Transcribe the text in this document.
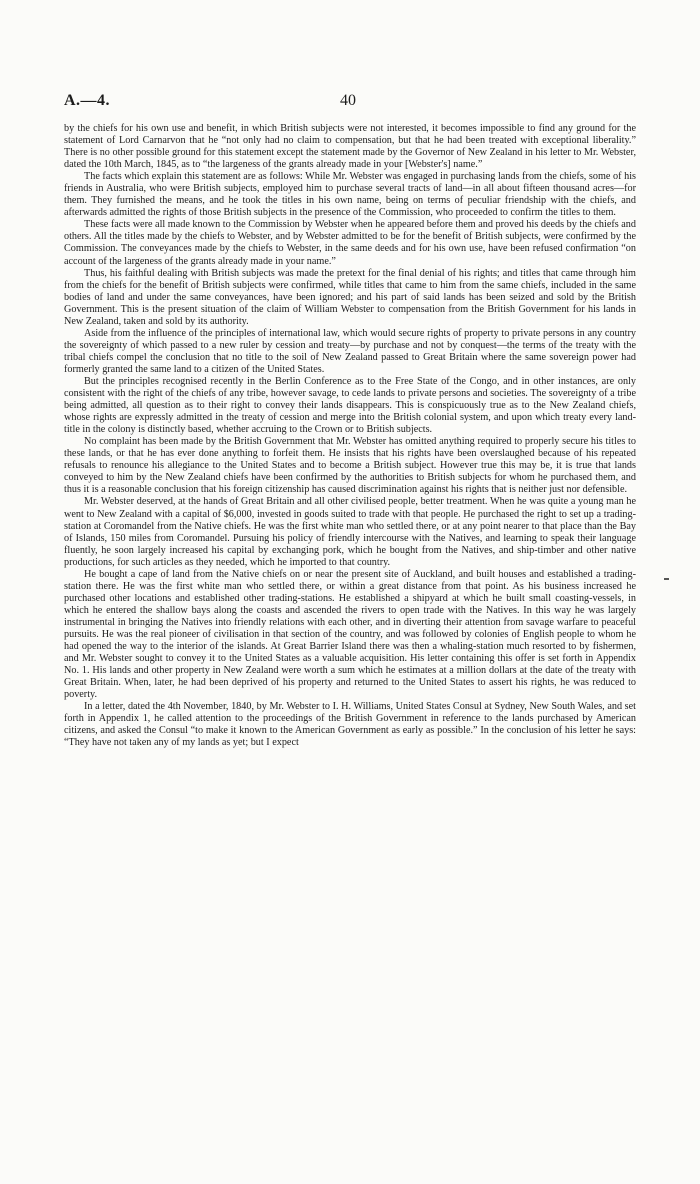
A.—4.	40

by the chiefs for his own use and benefit, in which British subjects were not interested, it becomes impossible to find any ground for the statement of Lord Carnarvon that he “not only had no claim to compensation, but that he had been treated with exceptional liberality.” There is no other possible ground for this statement except the statement made by the Governor of New Zealand in his letter to Mr. Webster, dated the 10th March, 1845, as to “the largeness of the grants already made in your [Webster's] name.”

The facts which explain this statement are as follows: While Mr. Webster was engaged in purchasing lands from the chiefs, some of his friends in Australia, who were British subjects, employed him to purchase several tracts of land—in all about fifteen thousand acres—for them. They furnished the means, and he took the titles in his own name, being on terms of peculiar friendship with the chiefs, and afterwards admitted the rights of those British subjects in the presence of the Commission, who proceeded to confirm the titles to them.

These facts were all made known to the Commission by Webster when he appeared before them and proved his deeds by the chiefs and others. All the titles made by the chiefs to Webster, and by Webster admitted to be for the benefit of British subjects, were confirmed by the Commission. The conveyances made by the chiefs to Webster, in the same deeds and for his own use, have been refused confirmation “on account of the largeness of the grants already made in your name.”

Thus, his faithful dealing with British subjects was made the pretext for the final denial of his rights; and titles that came through him from the chiefs for the benefit of British subjects were confirmed, while titles that came to him from the same chiefs, included in the same bodies of land and under the same conveyances, have been ignored; and his part of said lands has been seized and sold by the British Government. This is the present situation of the claim of William Webster to compensation from the British Government for his lands in New Zealand, taken and sold by its authority.

Aside from the influence of the principles of international law, which would secure rights of property to private persons in any country the sovereignty of which passed to a new ruler by cession and treaty—by purchase and not by conquest—the terms of the treaty with the tribal chiefs compel the conclusion that no title to the soil of New Zealand passed to Great Britain where the same sovereign power had formerly granted the same land to a citizen of the United States.

But the principles recognised recently in the Berlin Conference as to the Free State of the Congo, and in other instances, are only consistent with the right of the chiefs of any tribe, however savage, to cede lands to private persons and societies. The sovereignty of a tribe being admitted, all question as to their right to convey their lands disappears. This is conspicuously true as to the New Zealand chiefs, whose rights are expressly admitted in the treaty of cession and merge into the British colonial system, and upon which treaty every land-title in the colony is distinctly based, whether accruing to the Crown or to British subjects.

No complaint has been made by the British Government that Mr. Webster has omitted anything required to properly secure his titles to these lands, or that he has ever done anything to forfeit them. He insists that his rights have been overslaughed because of his repeated refusals to renounce his allegiance to the United States and to become a British subject. However true this may be, it is true that lands conveyed to him by the New Zealand chiefs have been confirmed by the authorities to British subjects for whom he purchased them, and thus it is a reasonable conclusion that his foreign citizenship has caused discrimination against his rights that is neither just nor defensible.

Mr. Webster deserved, at the hands of Great Britain and all other civilised people, better treatment. When he was quite a young man he went to New Zealand with a capital of $6,000, invested in goods suited to trade with that people. He purchased the right to set up a trading-station at Coromandel from the Native chiefs. He was the first white man who settled there, or at any point nearer to that place than the Bay of Islands, 150 miles from Coromandel. Pursuing his policy of friendly intercourse with the Natives, and learning to speak their language fluently, he soon largely increased his capital by exchanging pork, which he bought from the Natives, and ship-timber and other native productions, for such articles as they needed, which he imported to that country.

He bought a cape of land from the Native chiefs on or near the present site of Auckland, and built houses and established a trading-station there. He was the first white man who settled there, or within a great distance from that point. As his business increased he purchased other locations and established other trading-stations. He established a shipyard at which he built small coasting-vessels, in which he entered the shallow bays along the coasts and ascended the rivers to open trade with the Natives. In this way he was largely instrumental in bringing the Natives into friendly relations with each other, and in diverting their attention from savage warfare to peaceful pursuits. He was the real pioneer of civilisation in that section of the country, and was followed by colonies of English people to whom he had opened the way to the interior of the islands. At Great Barrier Island there was then a whaling-station much resorted to by fishermen, and Mr. Webster sought to convey it to the United States as a valuable acquisition. His letter containing this offer is set forth in Appendix No. 1. His lands and other property in New Zealand were worth a sum which he estimates at a million dollars at the date of the treaty with Great Britain. When, later, he had been deprived of his property and returned to the United States to assert his rights, he was reduced to poverty.

In a letter, dated the 4th November, 1840, by Mr. Webster to I. H. Williams, United States Consul at Sydney, New South Wales, and set forth in Appendix 1, he called attention to the proceedings of the British Government in reference to the lands purchased by American citizens, and asked the Consul “to make it known to the American Government as early as possible.” In the conclusion of his letter he says: “They have not taken any of my lands as yet; but I expect
